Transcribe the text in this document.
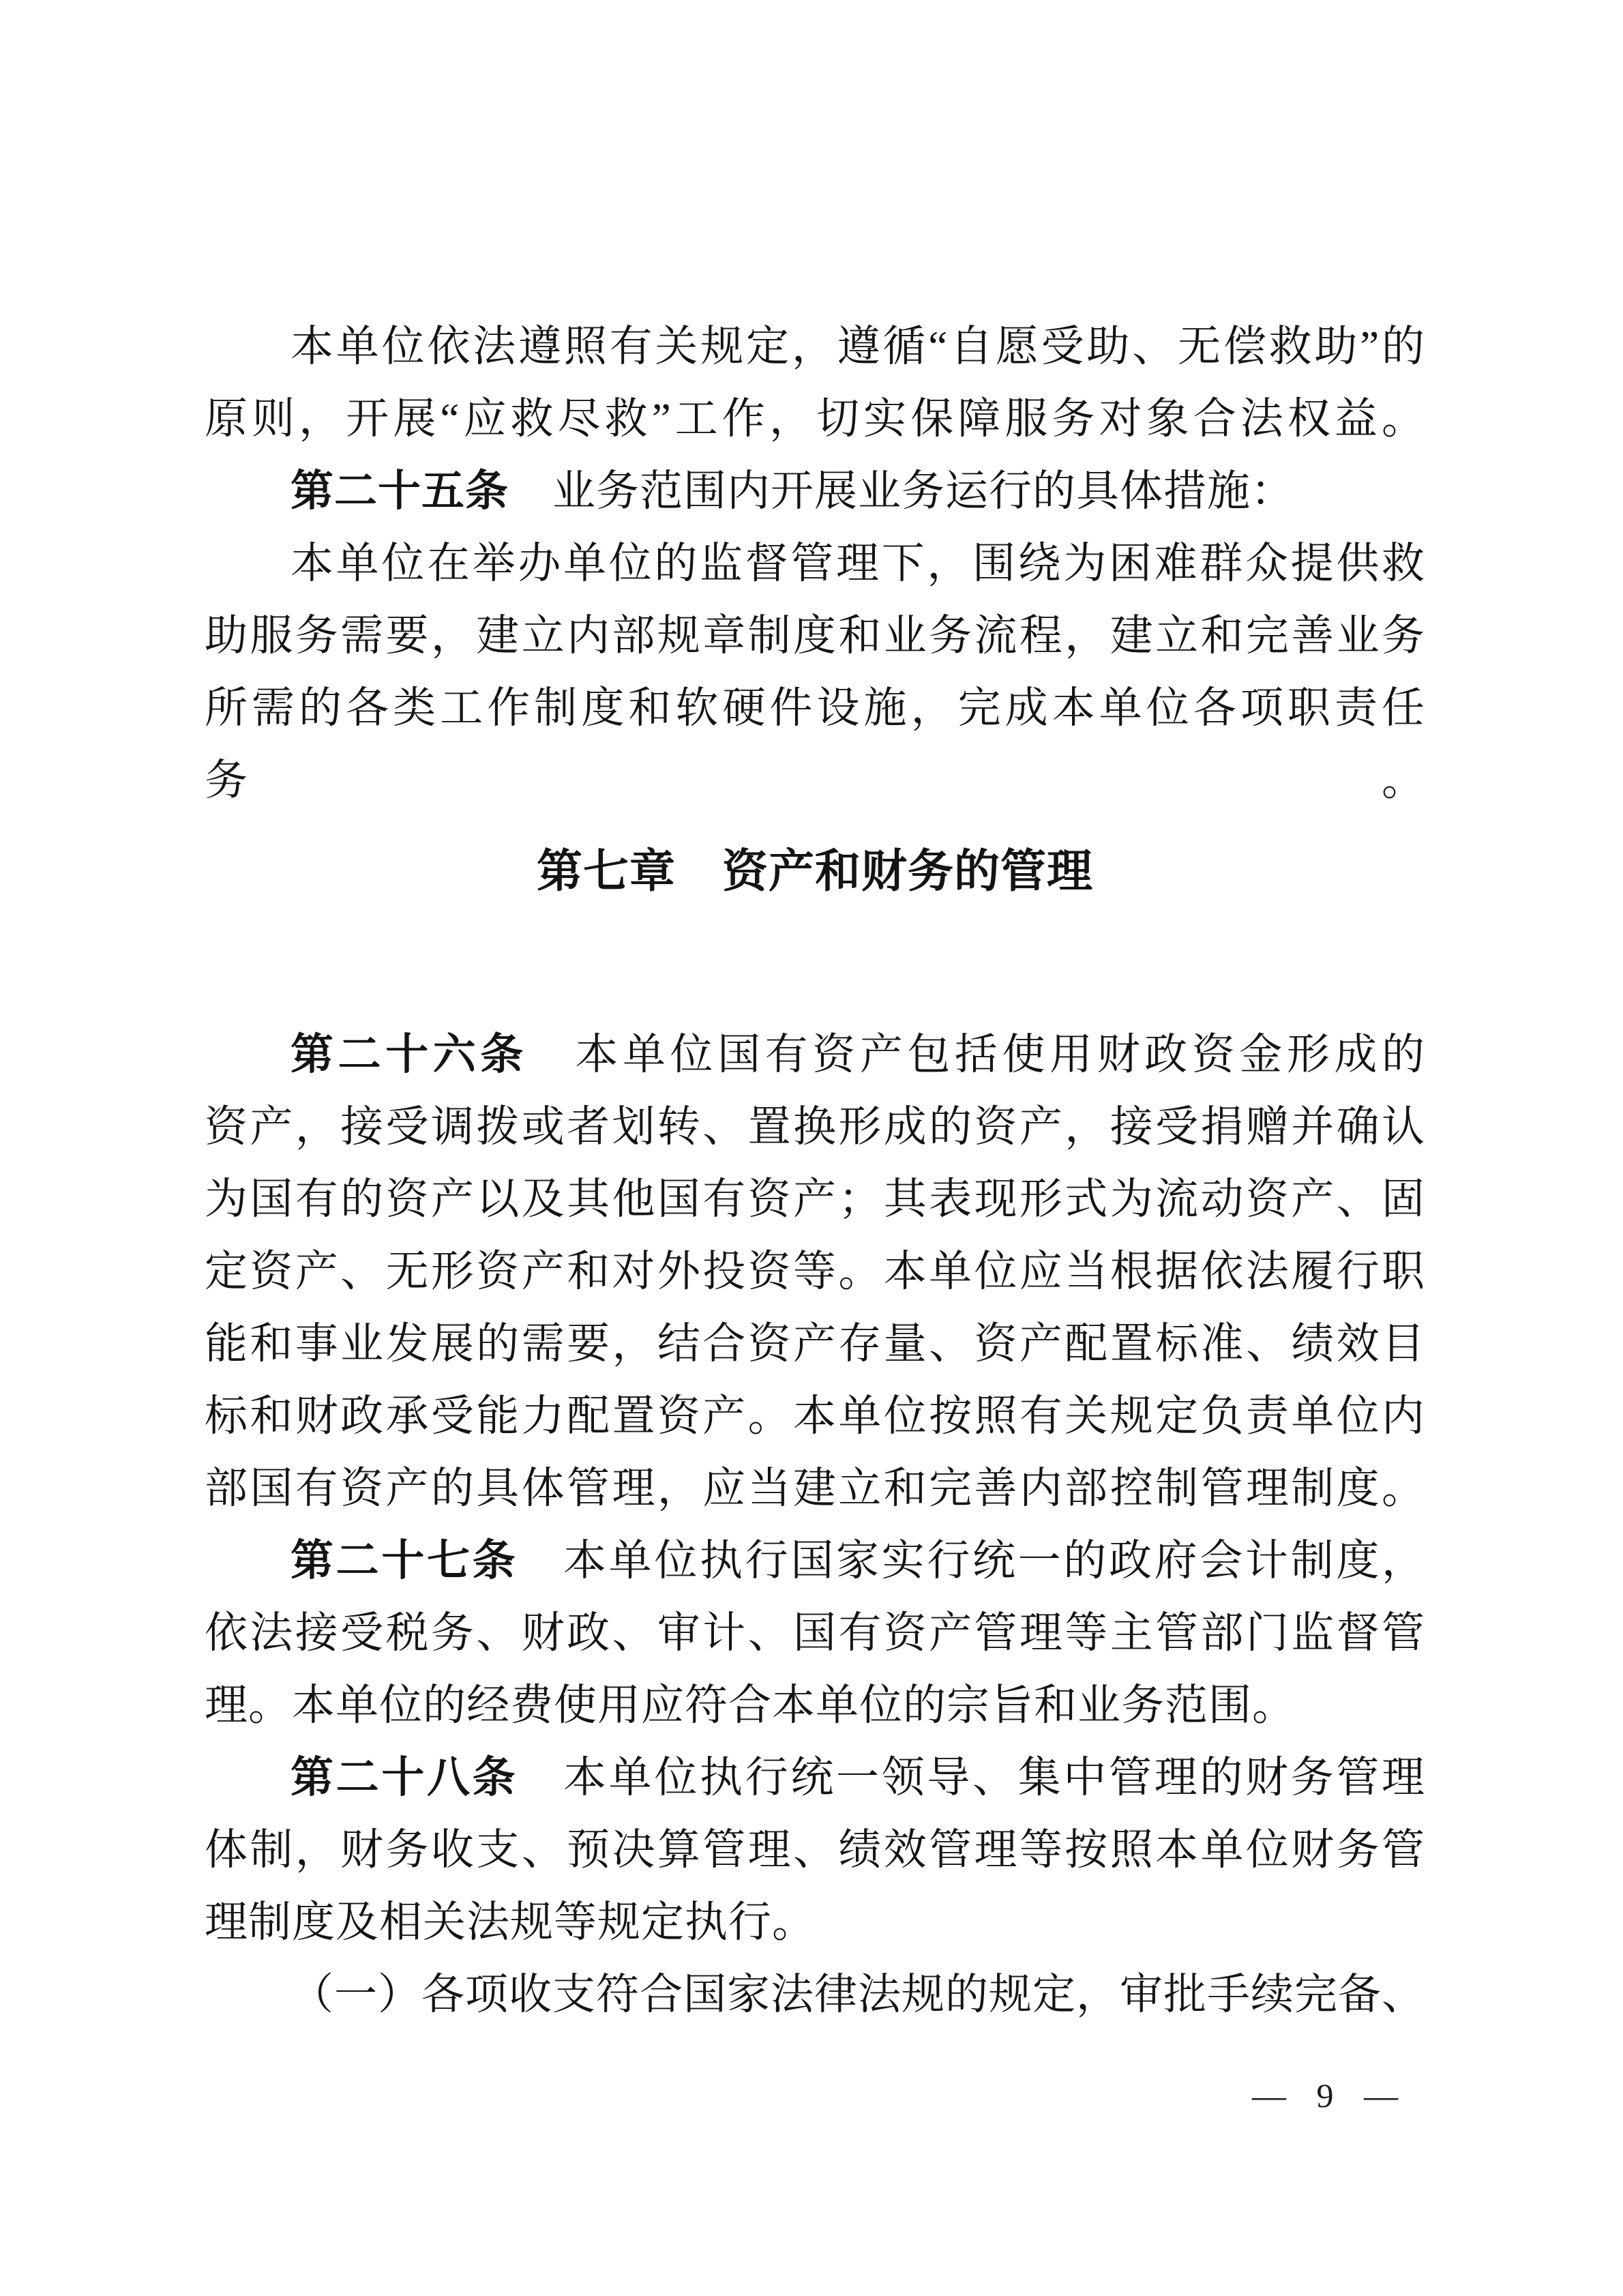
本单位依法遵照有关规定，遵循“自愿受助、无偿救助”的
原则，开展“应救尽救”工作，切实保障服务对象合法权益。
第二十五条　业务范围内开展业务运行的具体措施：
本单位在举办单位的监督管理下，围绕为困难群众提供救
助服务需要，建立内部规章制度和业务流程，建立和完善业务
所需的各类工作制度和软硬件设施，完成本单位各项职责任务。
第七章　资产和财务的管理
第二十六条　本单位国有资产包括使用财政资金形成的
资产，接受调拨或者划转、置换形成的资产，接受捐赠并确认
为国有的资产以及其他国有资产；其表现形式为流动资产、固
定资产、无形资产和对外投资等。本单位应当根据依法履行职
能和事业发展的需要，结合资产存量、资产配置标准、绩效目
标和财政承受能力配置资产。本单位按照有关规定负责单位内
部国有资产的具体管理，应当建立和完善内部控制管理制度。
第二十七条　本单位执行国家实行统一的政府会计制度，
依法接受税务、财政、审计、国有资产管理等主管部门监督管
理。本单位的经费使用应符合本单位的宗旨和业务范围。
第二十八条　本单位执行统一领导、集中管理的财务管理
体制，财务收支、预决算管理、绩效管理等按照本单位财务管
理制度及相关法规等规定执行。
（一）各项收支符合国家法律法规的规定，审批手续完备、
— 9 —
